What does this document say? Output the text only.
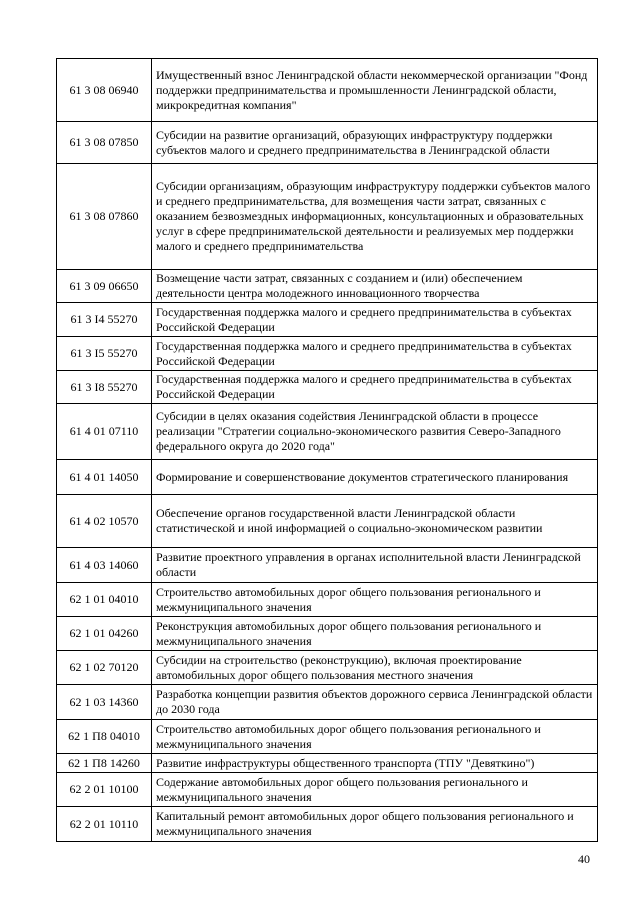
61 3 08 06940	Имущественный взнос Ленинградской области некоммерческой организации "Фонд поддержки предпринимательства и промышленности Ленинградской области, микрокредитная компания"
61 3 08 07850	Субсидии на развитие организаций, образующих инфраструктуру поддержки субъектов малого и среднего предпринимательства в Ленинградской области
61 3 08 07860	Субсидии организациям, образующим инфраструктуру поддержки субъектов малого и среднего предпринимательства, для возмещения части затрат, связанных с оказанием безвозмездных информационных, консультационных и образовательных услуг в сфере предпринимательской деятельности и реализуемых мер поддержки малого и среднего предпринимательства
61 3 09 06650	Возмещение части затрат, связанных с созданием и (или) обеспечением деятельности центра молодежного инновационного творчества
61 3 I4 55270	Государственная поддержка малого и среднего предпринимательства в субъектах Российской Федерации
61 3 I5 55270	Государственная поддержка малого и среднего предпринимательства в субъектах Российской Федерации
61 3 I8 55270	Государственная поддержка малого и среднего предпринимательства в субъектах Российской Федерации
61 4 01 07110	Субсидии в целях оказания содействия Ленинградской области в процессе реализации "Стратегии социально-экономического развития Северо-Западного федерального округа до 2020 года"
61 4 01 14050	Формирование и совершенствование документов стратегического планирования
61 4 02 10570	Обеспечение органов государственной власти Ленинградской области статистической и иной информацией о социально-экономическом развитии
61 4 03 14060	Развитие проектного управления в органах исполнительной власти Ленинградской области
62 1 01 04010	Строительство автомобильных дорог общего пользования регионального и межмуниципального значения
62 1 01 04260	Реконструкция автомобильных дорог общего пользования регионального и межмуниципального значения
62 1 02 70120	Субсидии на строительство (реконструкцию), включая проектирование автомобильных дорог общего пользования местного значения
62 1 03 14360	Разработка концепции развития объектов дорожного сервиса Ленинградской области до 2030 года
62 1 П8 04010	Строительство автомобильных дорог общего пользования регионального и межмуниципального значения
62 1 П8 14260	Развитие инфраструктуры общественного транспорта (ТПУ "Девяткино")
62 2 01 10100	Содержание автомобильных дорог общего пользования регионального и межмуниципального значения
62 2 01 10110	Капитальный ремонт автомобильных дорог общего пользования регионального и межмуниципального значения
40
